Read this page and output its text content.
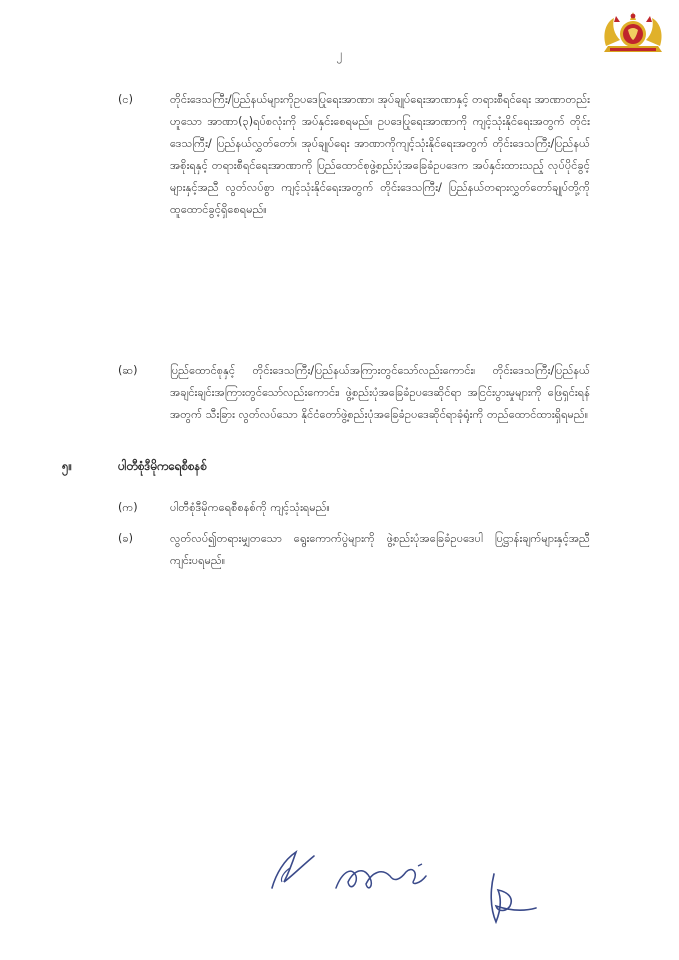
၂
(င)	တိုင်းဒေသကြီး/ပြည်နယ်များကိုဥပဒေပြုရေးအာဏာ၊ အုပ်ချုပ်ရေးအာဏာနှင့် တရားစီရင်ရေး အာဏာတည်းဟူသော အာဏာ(၃)ရပ်စလုံးကို အပ်နှင်းစေရမည်။ ဥပဒေပြုရေးအာဏာကို ကျင့်သုံးနိုင်ရေးအတွက် တိုင်းဒေသကြီး/ ပြည်နယ်လွှတ်တော်၊ အုပ်ချုပ်ရေး အာဏာကိုကျင့်သုံးနိုင်ရေးအတွက် တိုင်းဒေသကြီး/ပြည်နယ်အစိုးရနှင့် တရားစီရင်ရေးအာဏာကို ပြည်ထောင်စုဖွဲ့စည်းပုံအခြေခံဥပဒေက အပ်နှင်းထားသည့် လုပ်ပိုင်ခွင့်များနှင့်အညီ လွတ်လပ်စွာ ကျင့်သုံးနိုင်ရေးအတွက် တိုင်းဒေသကြီး/ ပြည်နယ်တရားလွှတ်တော်ချုပ်တို့ကို ထူထောင်ခွင့်ရှိစေရမည်။
(ဆ)	ပြည်ထောင်စုနှင့် တိုင်းဒေသကြီး/ပြည်နယ်အကြားတွင်သော်လည်းကောင်း၊ တိုင်းဒေသကြီး/ပြည်နယ်အချင်းချင်းအကြားတွင်သော်လည်းကောင်း၊ ဖွဲ့စည်းပုံအခြေခံဥပဒေဆိုင်ရာ အငြင်းပွားမှုများကို ဖြေရှင်းရန်အတွက် သီးခြား လွတ်လပ်သော နိုင်ငံတော်ဖွဲ့စည်းပုံအခြေခံဥပဒေဆိုင်ရာခုံရုံးကို တည်ထောင်ထားရှိရမည်။
၅။	ပါတီစုံဒီမိုကရေစီစနစ်
(က)	ပါတီစုံဒီမိုကရေစီစနစ်ကို ကျင့်သုံးရမည်။
(ခ)	လွတ်လပ်၍တရားမျှတသော ရွေးကောက်ပွဲများကို ဖွဲ့စည်းပုံအခြေခံဥပဒေပါ ပြဋ္ဌာန်းချက်များနှင့်အညီ ကျင်းပရမည်။
